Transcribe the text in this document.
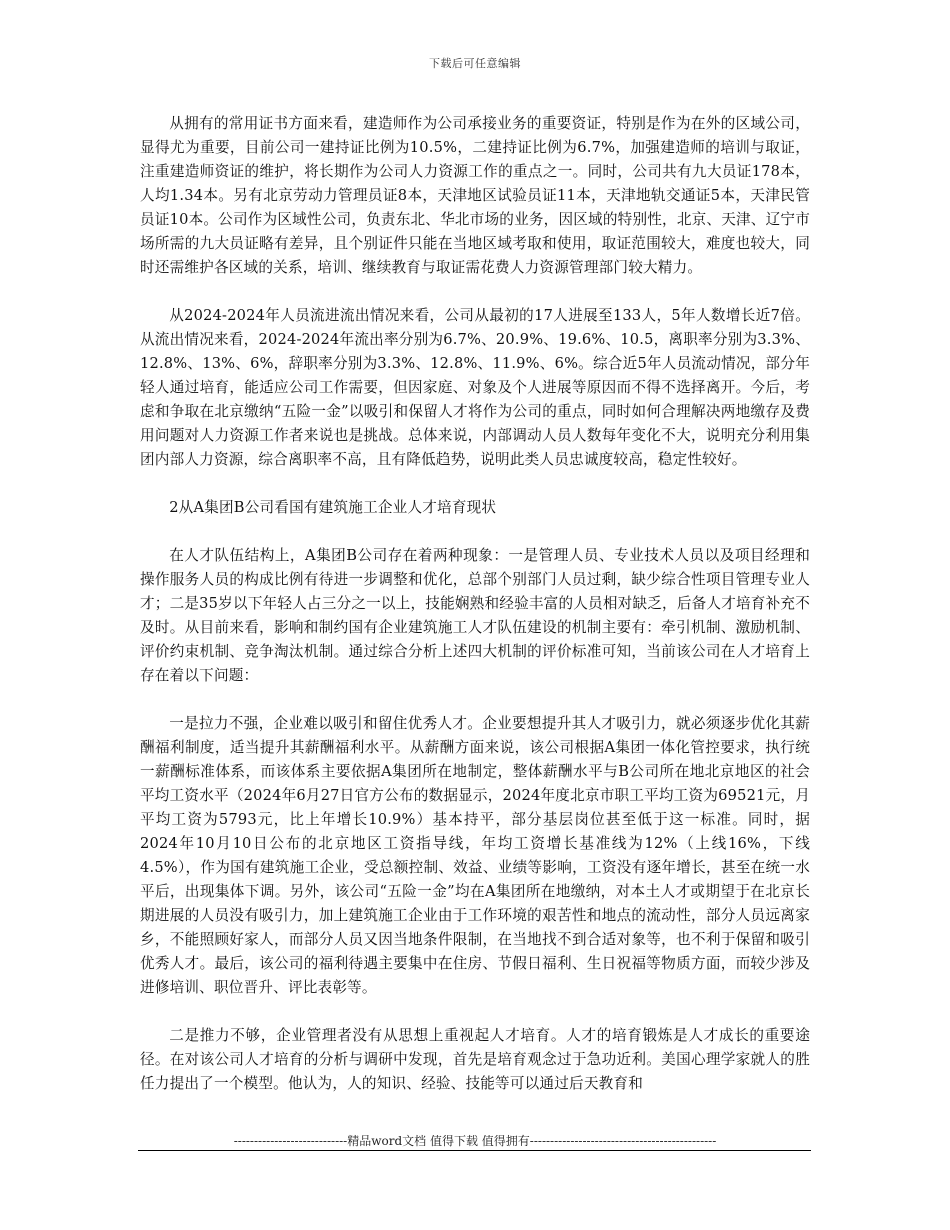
下载后可任意编辑

从拥有的常用证书方面来看，建造师作为公司承接业务的重要资证，特别是作为在外的区域公司，显得尤为重要，目前公司一建持证比例为10.5%，二建持证比例为6.7%，加强建造师的培训与取证，注重建造师资证的维护，将长期作为公司人力资源工作的重点之一。同时，公司共有九大员证178本，人均1.34本。另有北京劳动力管理员证8本，天津地区试验员证11本，天津地轨交通证5本，天津民管员证10本。公司作为区域性公司，负责东北、华北市场的业务，因区域的特别性，北京、天津、辽宁市场所需的九大员证略有差异，且个别证件只能在当地区域考取和使用，取证范围较大，难度也较大，同时还需维护各区域的关系，培训、继续教育与取证需花费人力资源管理部门较大精力。

从2024-2024年人员流进流出情况来看，公司从最初的17人进展至133人，5年人数增长近7倍。从流出情况来看，2024-2024年流出率分别为6.7%、20.9%、19.6%、10.5，离职率分别为3.3%、12.8%、13%、6%，辞职率分别为3.3%、12.8%、11.9%、6%。综合近5年人员流动情况，部分年轻人通过培育，能适应公司工作需要，但因家庭、对象及个人进展等原因而不得不选择离开。今后，考虑和争取在北京缴纳“五险一金”以吸引和保留人才将作为公司的重点，同时如何合理解决两地缴存及费用问题对人力资源工作者来说也是挑战。总体来说，内部调动人员人数每年变化不大，说明充分利用集团内部人力资源，综合离职率不高，且有降低趋势，说明此类人员忠诚度较高，稳定性较好。

2从A集团B公司看国有建筑施工企业人才培育现状

在人才队伍结构上，A集团B公司存在着两种现象：一是管理人员、专业技术人员以及项目经理和操作服务人员的构成比例有待进一步调整和优化，总部个别部门人员过剩，缺少综合性项目管理专业人才；二是35岁以下年轻人占三分之一以上，技能娴熟和经验丰富的人员相对缺乏，后备人才培育补充不及时。从目前来看，影响和制约国有企业建筑施工人才队伍建设的机制主要有：牵引机制、激励机制、评价约束机制、竞争淘汰机制。通过综合分析上述四大机制的评价标准可知，当前该公司在人才培育上存在着以下问题：

一是拉力不强，企业难以吸引和留住优秀人才。企业要想提升其人才吸引力，就必须逐步优化其薪酬福利制度，适当提升其薪酬福利水平。从薪酬方面来说，该公司根据A集团一体化管控要求，执行统一薪酬标准体系，而该体系主要依据A集团所在地制定，整体薪酬水平与B公司所在地北京地区的社会平均工资水平（2024年6月27日官方公布的数据显示，2024年度北京市职工平均工资为69521元，月平均工资为5793元，比上年增长10.9%）基本持平，部分基层岗位甚至低于这一标准。同时，据2024年10月10日公布的北京地区工资指导线，年均工资增长基准线为12%（上线16%，下线4.5%），作为国有建筑施工企业，受总额控制、效益、业绩等影响，工资没有逐年增长，甚至在统一水平后，出现集体下调。另外，该公司“五险一金”均在A集团所在地缴纳，对本土人才或期望于在北京长期进展的人员没有吸引力，加上建筑施工企业由于工作环境的艰苦性和地点的流动性，部分人员远离家乡，不能照顾好家人，而部分人员又因当地条件限制，在当地找不到合适对象等，也不利于保留和吸引优秀人才。最后，该公司的福利待遇主要集中在住房、节假日福利、生日祝福等物质方面，而较少涉及进修培训、职位晋升、评比表彰等。

二是推力不够，企业管理者没有从思想上重视起人才培育。人才的培育锻炼是人才成长的重要途径。在对该公司人才培育的分析与调研中发现，首先是培育观念过于急功近利。美国心理学家就人的胜任力提出了一个模型。他认为，人的知识、经验、技能等可以通过后天教育和

----------------------------精品word文档 值得下载 值得拥有----------------------------------------------
